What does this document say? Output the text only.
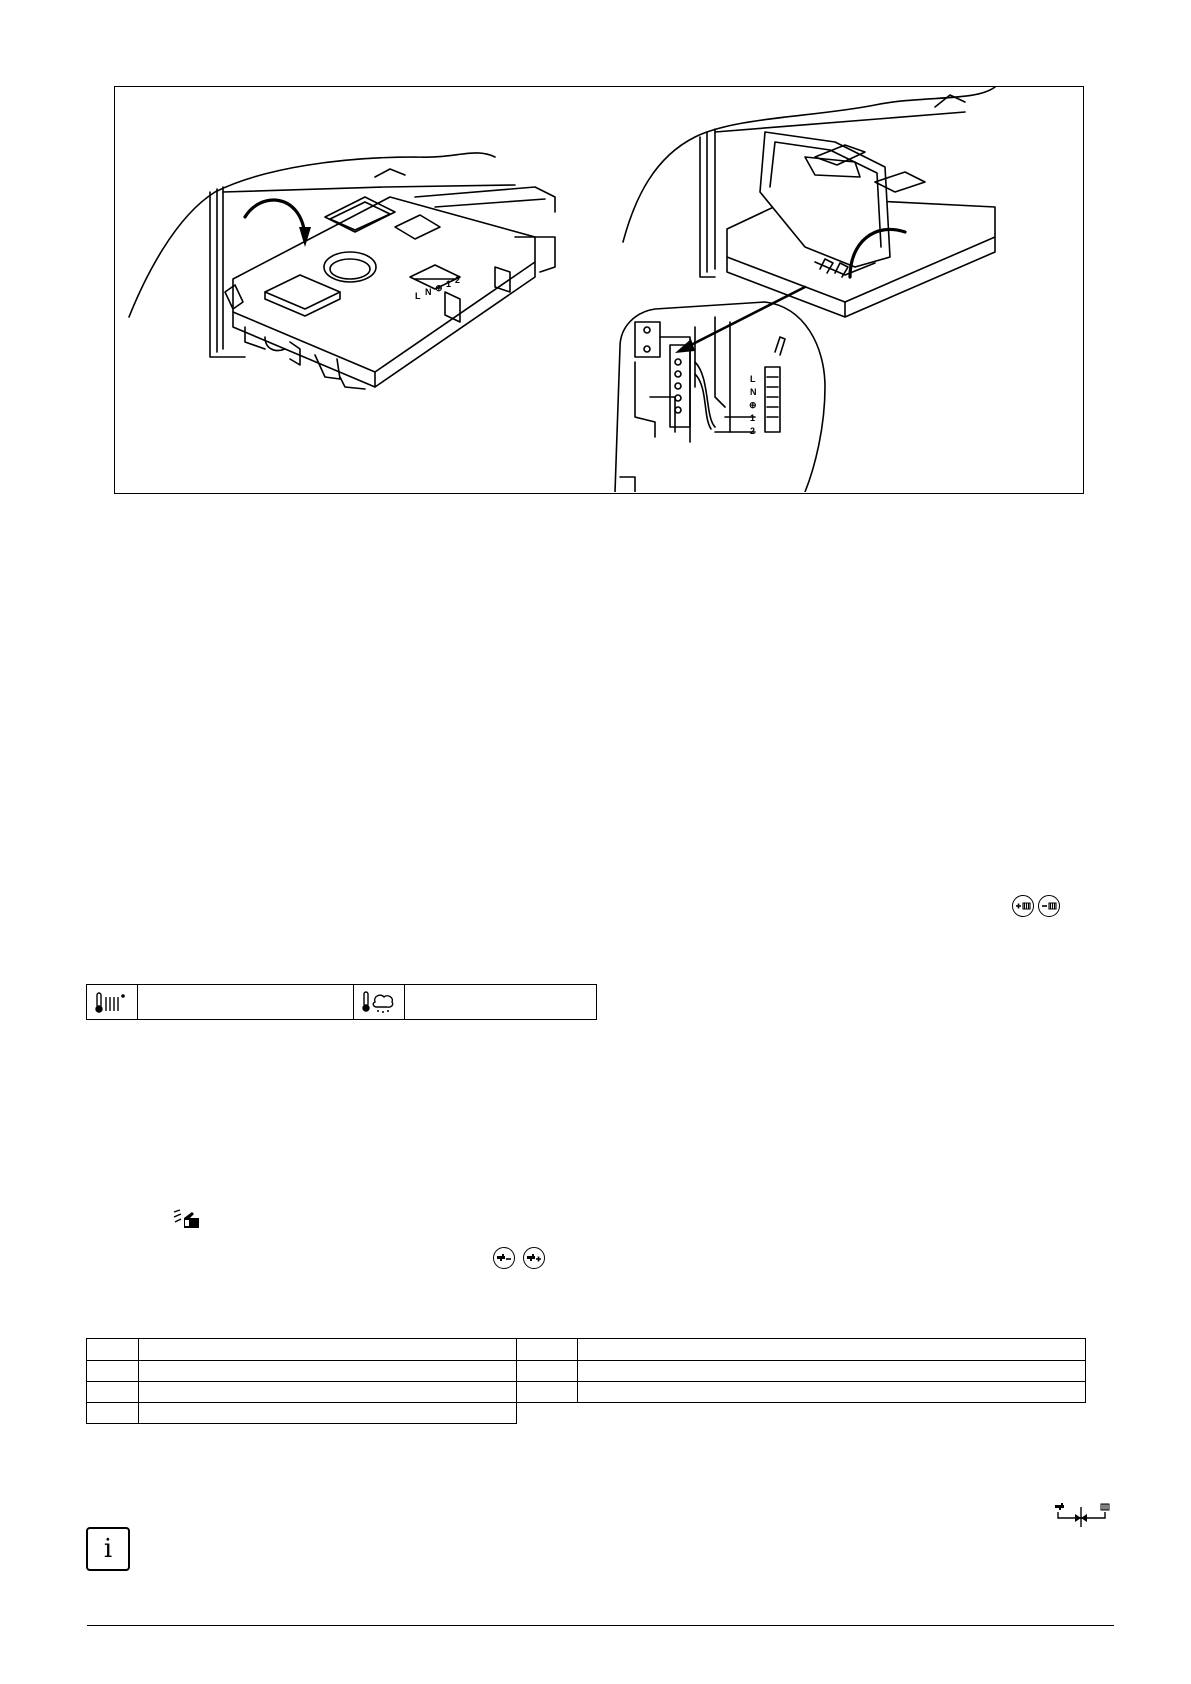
L N ⊕ 1 2
L
N
⊕
1
2
i
